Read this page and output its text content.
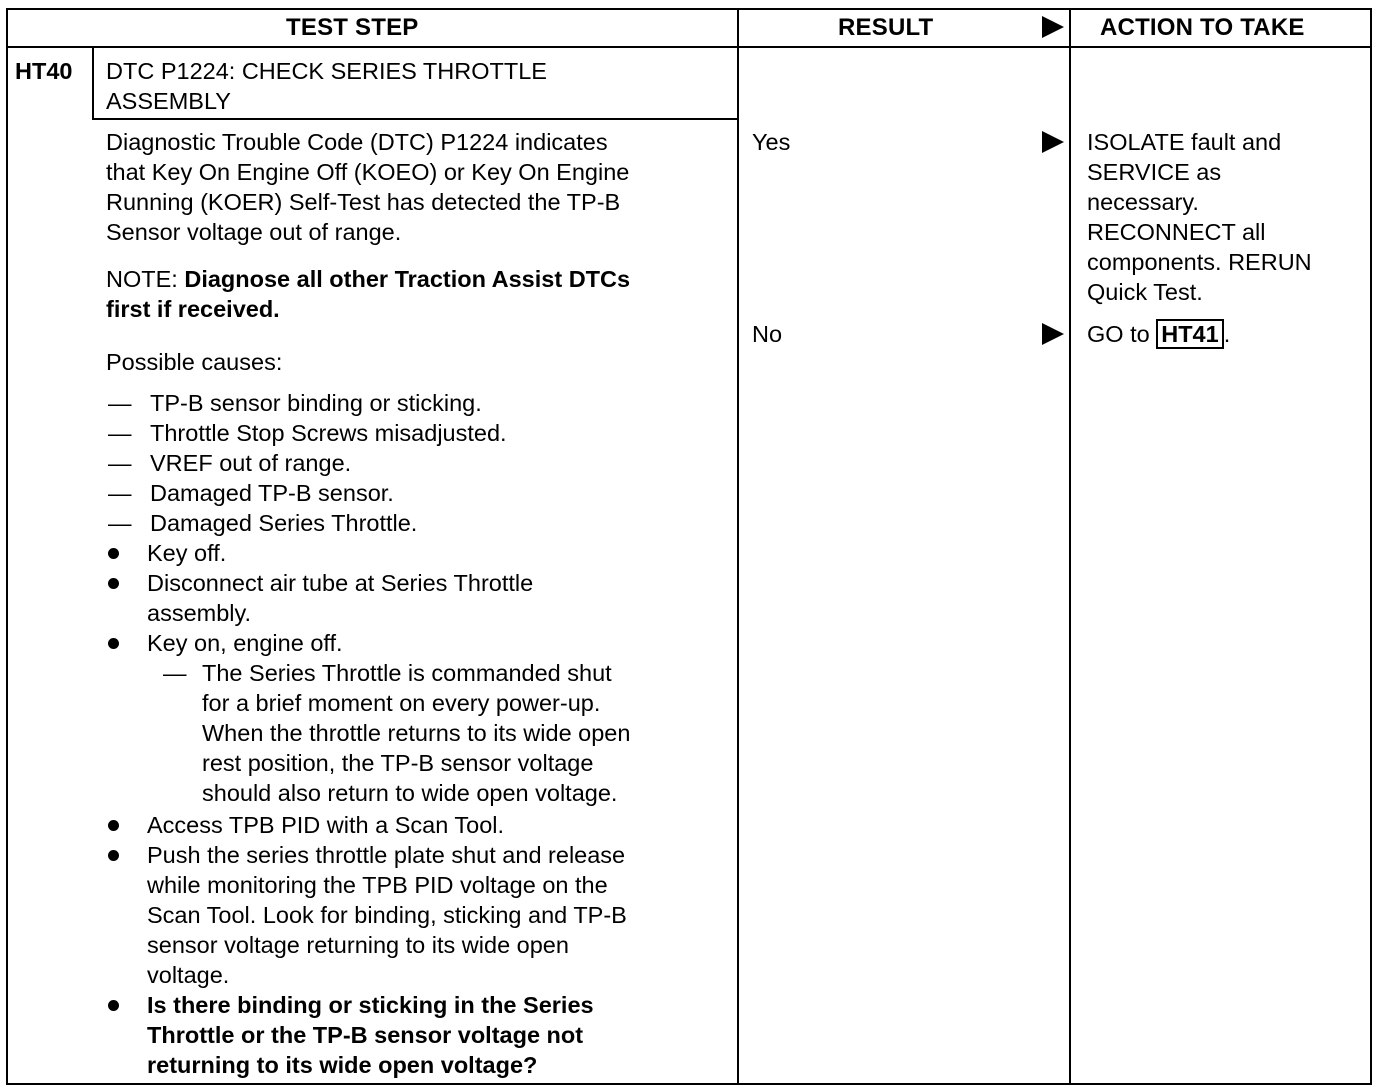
TEST STEP	RESULT	ACTION TO TAKE
HT40 DTC P1224: CHECK SERIES THROTTLE
ASSEMBLY
Diagnostic Trouble Code (DTC) P1224 indicates
that Key On Engine Off (KOEO) or Key On Engine
Running (KOER) Self-Test has detected the TP-B
Sensor voltage out of range.
NOTE: Diagnose all other Traction Assist DTCs
first if received.
Possible causes:
— TP-B sensor binding or sticking.
— Throttle Stop Screws misadjusted.
— VREF out of range.
— Damaged TP-B sensor.
— Damaged Series Throttle.
Key off.
Disconnect air tube at Series Throttle
assembly.
Key on, engine off.
— The Series Throttle is commanded shut
for a brief moment on every power-up.
When the throttle returns to its wide open
rest position, the TP-B sensor voltage
should also return to wide open voltage.
Access TPB PID with a Scan Tool.
Push the series throttle plate shut and release
while monitoring the TPB PID voltage on the
Scan Tool. Look for binding, sticking and TP-B
sensor voltage returning to its wide open
voltage.
Is there binding or sticking in the Series
Throttle or the TP-B sensor voltage not
returning to its wide open voltage?
Yes
No
ISOLATE fault and
SERVICE as
necessary.
RECONNECT all
components. RERUN
Quick Test.
GO to HT41 .
